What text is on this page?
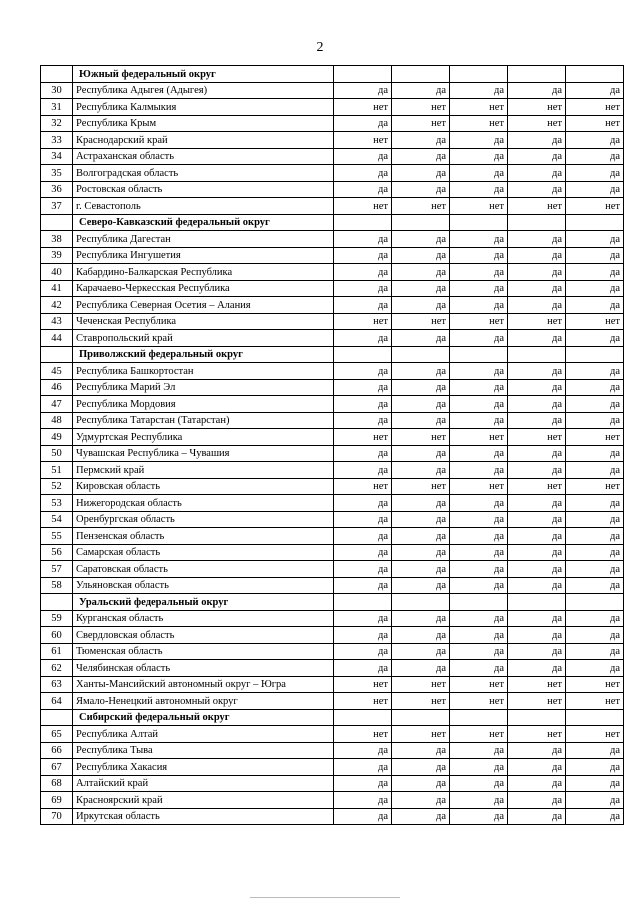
2
	Южный федеральный округ					
30	Республика Адыгея (Адыгея)	да	да	да	да	да
31	Республика Калмыкия	нет	нет	нет	нет	нет
32	Республика Крым	да	нет	нет	нет	нет
33	Краснодарский край	нет	да	да	да	да
34	Астраханская область	да	да	да	да	да
35	Волгоградская область	да	да	да	да	да
36	Ростовская область	да	да	да	да	да
37	г. Севастополь	нет	нет	нет	нет	нет
	Северо-Кавказский федеральный округ					
38	Республика Дагестан	да	да	да	да	да
39	Республика Ингушетия	да	да	да	да	да
40	Кабардино-Балкарская Республика	да	да	да	да	да
41	Карачаево-Черкесская Республика	да	да	да	да	да
42	Республика Северная Осетия – Алания	да	да	да	да	да
43	Чеченская Республика	нет	нет	нет	нет	нет
44	Ставропольский край	да	да	да	да	да
	Приволжский федеральный округ					
45	Республика Башкортостан	да	да	да	да	да
46	Республика Марий Эл	да	да	да	да	да
47	Республика Мордовия	да	да	да	да	да
48	Республика Татарстан (Татарстан)	да	да	да	да	да
49	Удмуртская Республика	нет	нет	нет	нет	нет
50	Чувашская Республика – Чувашия	да	да	да	да	да
51	Пермский край	да	да	да	да	да
52	Кировская область	нет	нет	нет	нет	нет
53	Нижегородская область	да	да	да	да	да
54	Оренбургская область	да	да	да	да	да
55	Пензенская область	да	да	да	да	да
56	Самарская область	да	да	да	да	да
57	Саратовская область	да	да	да	да	да
58	Ульяновская область	да	да	да	да	да
	Уральский федеральный округ					
59	Курганская область	да	да	да	да	да
60	Свердловская область	да	да	да	да	да
61	Тюменская область	да	да	да	да	да
62	Челябинская область	да	да	да	да	да
63	Ханты-Мансийский автономный округ – Югра	нет	нет	нет	нет	нет
64	Ямало-Ненецкий автономный округ	нет	нет	нет	нет	нет
	Сибирский федеральный округ					
65	Республика Алтай	нет	нет	нет	нет	нет
66	Республика Тыва	да	да	да	да	да
67	Республика Хакасия	да	да	да	да	да
68	Алтайский край	да	да	да	да	да
69	Красноярский край	да	да	да	да	да
70	Иркутская область	да	да	да	да	да
